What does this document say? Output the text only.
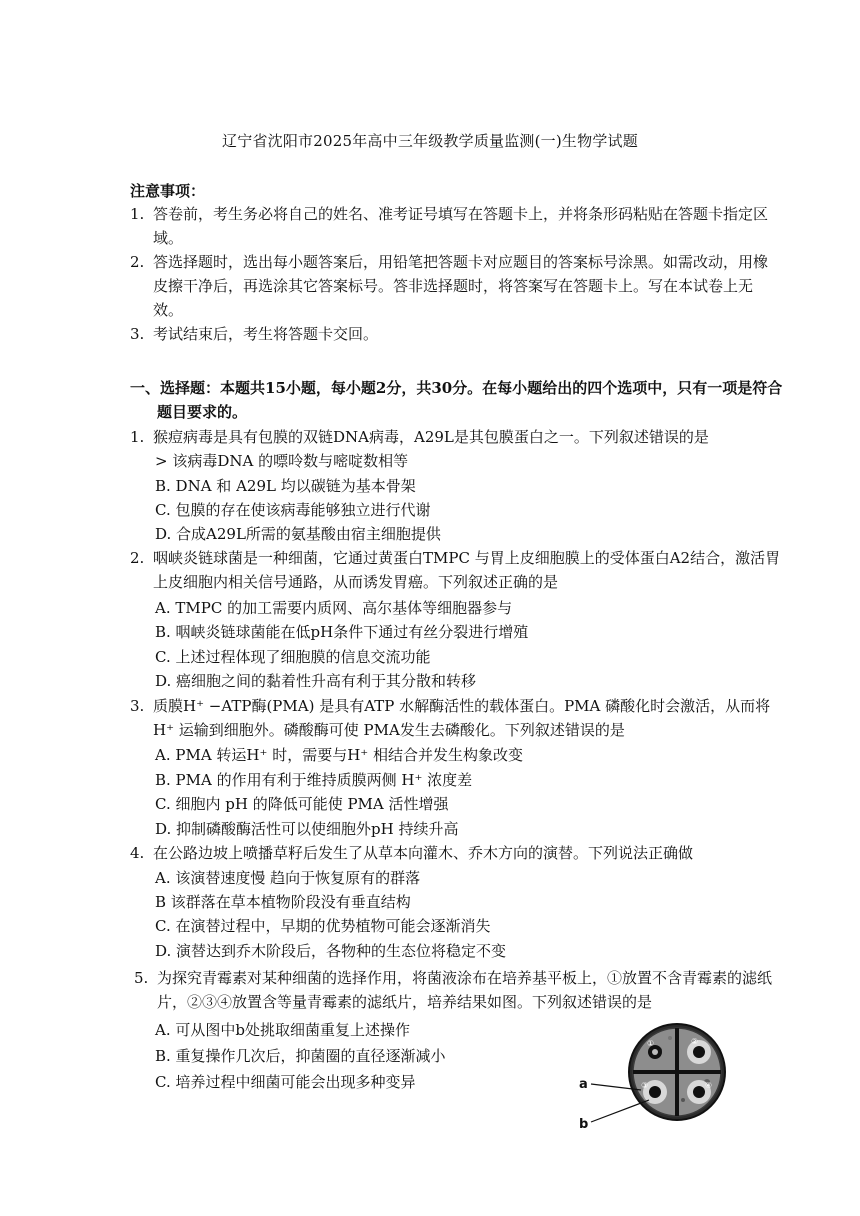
辽宁省沈阳市2025年高中三年级教学质量监测(一)生物学试题
注意事项：
1. 答卷前，考生务必将自己的姓名、准考证号填写在答题卡上，并将条形码粘贴在答题卡指定区域。
2. 答选择题时，选出每小题答案后，用铅笔把答题卡对应题目的答案标号涂黑。如需改动，用橡皮擦干净后，再选涂其它答案标号。答非选择题时，将答案写在答题卡上。写在本试卷上无效。
3. 考试结束后，考生将答题卡交回。
一、选择题：本题共15小题，每小题2分，共30分。在每小题给出的四个选项中，只有一项是符合题目要求的。
1. 猴痘病毒是具有包膜的双链DNA病毒，A29L是其包膜蛋白之一。下列叙述错误的是
> 该病毒DNA 的嘌呤数与嘧啶数相等
B. DNA 和 A29L 均以碳链为基本骨架
C. 包膜的存在使该病毒能够独立进行代谢
D. 合成A29L所需的氨基酸由宿主细胞提供
2. 咽峡炎链球菌是一种细菌，它通过黄蛋白TMPC 与胃上皮细胞膜上的受体蛋白A2结合，激活胃上皮细胞内相关信号通路，从而诱发胃癌。下列叙述正确的是
A. TMPC 的加工需要内质网、高尔基体等细胞器参与
B. 咽峡炎链球菌能在低pH条件下通过有丝分裂进行增殖
C. 上述过程体现了细胞膜的信息交流功能
D. 癌细胞之间的黏着性升高有利于其分散和转移
3. 质膜H⁺ −ATP酶(PMA) 是具有ATP 水解酶活性的载体蛋白。PMA 磷酸化时会激活，从而将H⁺ 运输到细胞外。磷酸酶可使 PMA发生去磷酸化。下列叙述错误的是
A. PMA 转运H⁺ 时，需要与H⁺ 相结合并发生构象改变
B. PMA 的作用有利于维持质膜两侧 H⁺ 浓度差
C. 细胞内 pH 的降低可能使 PMA 活性增强
D. 抑制磷酸酶活性可以使细胞外pH 持续升高
4. 在公路边坡上喷播草籽后发生了从草本向灌木、乔木方向的演替。下列说法正确做
A. 该演替速度慢 趋向于恢复原有的群落
B 该群落在草本植物阶段没有垂直结构
C. 在演替过程中，早期的优势植物可能会逐渐消失
D. 演替达到乔木阶段后，各物种的生态位将稳定不变
5. 为探究青霉素对某种细菌的选择作用，将菌液涂布在培养基平板上，①放置不含青霉素的滤纸片，②③④放置含等量青霉素的滤纸片，培养结果如图。下列叙述错误的是
A. 可从图中b处挑取细菌重复上述操作
B. 重复操作几次后，抑菌圈的直径逐渐减小
C. 培养过程中细菌可能会出现多种变异
①	②
③	④
a
b
